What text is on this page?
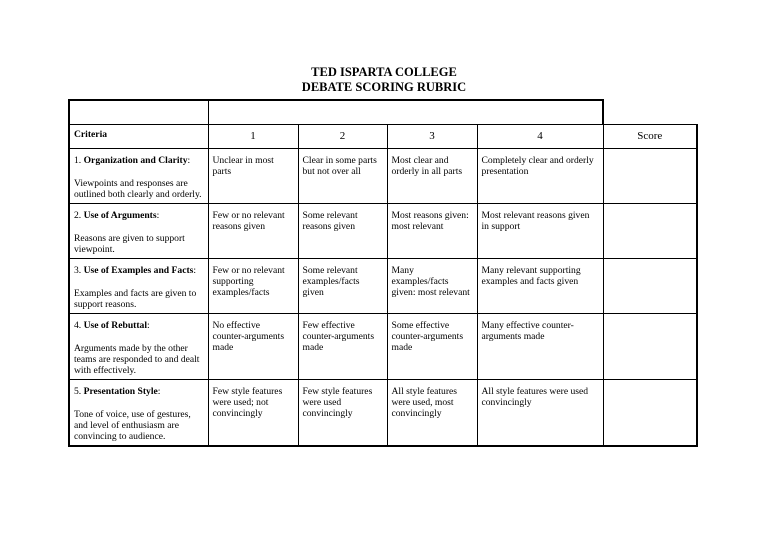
TED ISPARTA COLLEGE
DEBATE SCORING RUBRIC

Criteria	1	2	3	4	Score

1. Organization and Clarity:
Viewpoints and responses are outlined both clearly and orderly.	Unclear in most parts	Clear in some parts but not over all	Most clear and orderly in all parts	Completely clear and orderly presentation	

2. Use of Arguments:
Reasons are given to support viewpoint.	Few or no relevant reasons given	Some relevant reasons given	Most reasons given: most relevant	Most relevant reasons given in support	

3. Use of Examples and Facts:
Examples and facts are given to support reasons.	Few or no relevant supporting examples/facts	Some relevant examples/facts given	Many examples/facts given: most relevant	Many relevant supporting examples and facts given	

4. Use of Rebuttal:
Arguments made by the other teams are responded to and dealt with effectively.	No effective counter-arguments made	Few effective counter-arguments made	Some effective counter-arguments made	Many effective counter-arguments made	

5. Presentation Style:
Tone of voice, use of gestures, and level of enthusiasm are convincing to audience.	Few style features were used; not convincingly	Few style features were used convincingly	All style features were used, most convincingly	All style features were used convincingly	
